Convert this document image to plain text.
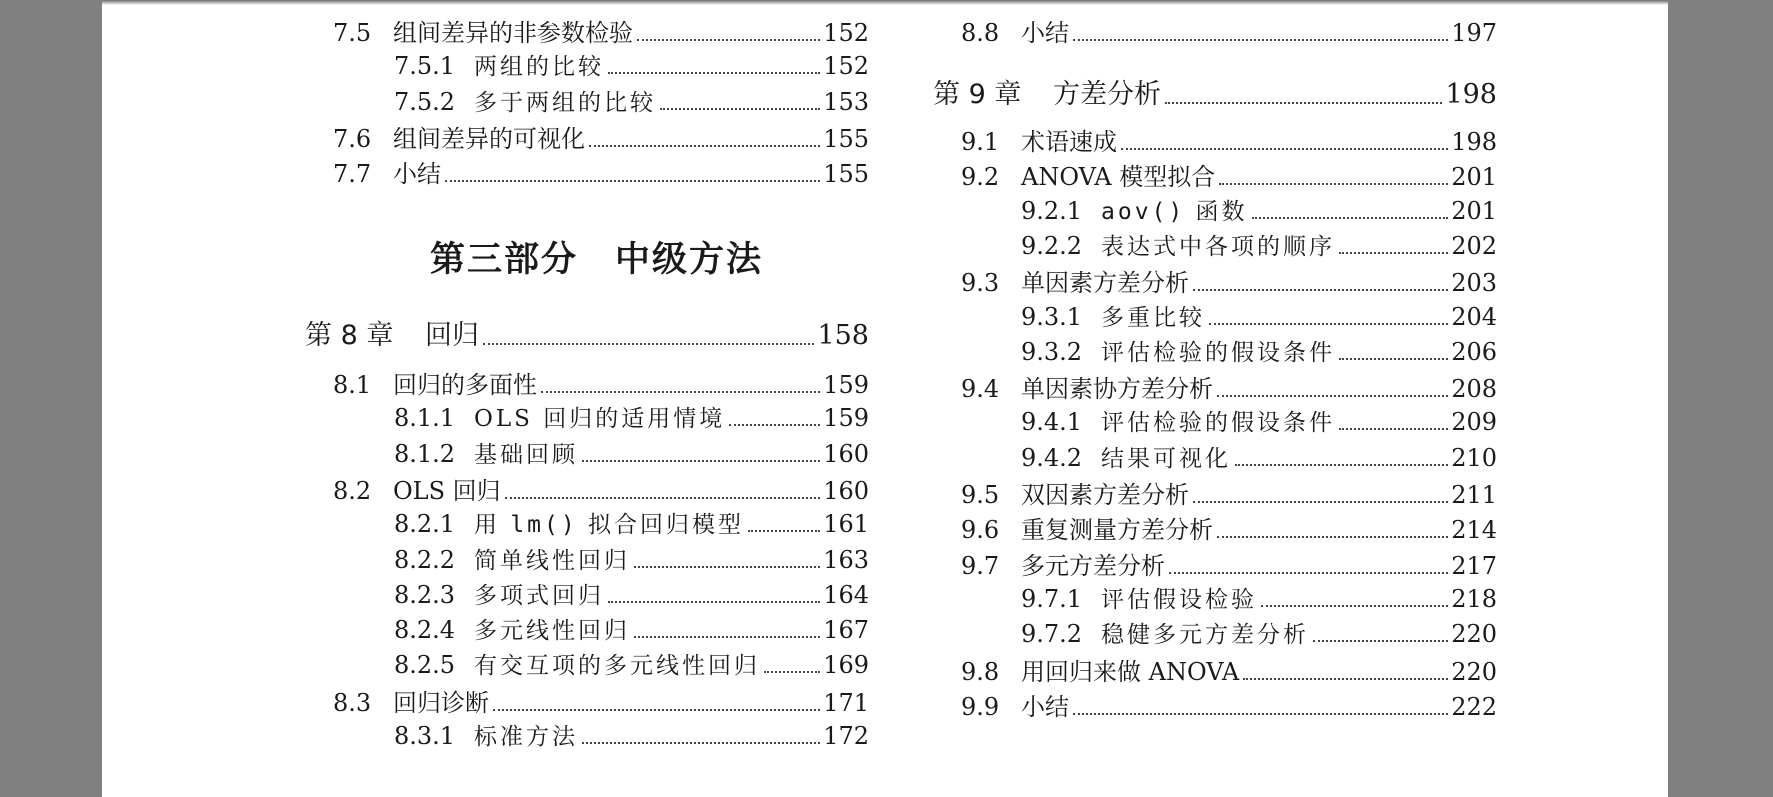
7.5 组间差异的非参数检验	152
7.5.1 两组的比较	152
7.5.2 多于两组的比较	153
7.6 组间差异的可视化	155
7.7 小结	155
第三部分　中级方法
第 8 章	回归	158
8.1 回归的多面性	159
8.1.1 OLS 回归的适用情境	159
8.1.2 基础回顾	160
8.2 OLS 回归	160
8.2.1 用 lm() 拟合回归模型	161
8.2.2 简单线性回归	163
8.2.3 多项式回归	164
8.2.4 多元线性回归	167
8.2.5 有交互项的多元线性回归	169
8.3 回归诊断	171
8.3.1 标准方法	172
8.8 小结	197
第 9 章	方差分析	198
9.1 术语速成	198
9.2 ANOVA 模型拟合	201
9.2.1 aov() 函数	201
9.2.2 表达式中各项的顺序	202
9.3 单因素方差分析	203
9.3.1 多重比较	204
9.3.2 评估检验的假设条件	206
9.4 单因素协方差分析	208
9.4.1 评估检验的假设条件	209
9.4.2 结果可视化	210
9.5 双因素方差分析	211
9.6 重复测量方差分析	214
9.7 多元方差分析	217
9.7.1 评估假设检验	218
9.7.2 稳健多元方差分析	220
9.8 用回归来做 ANOVA	220
9.9 小结	222
